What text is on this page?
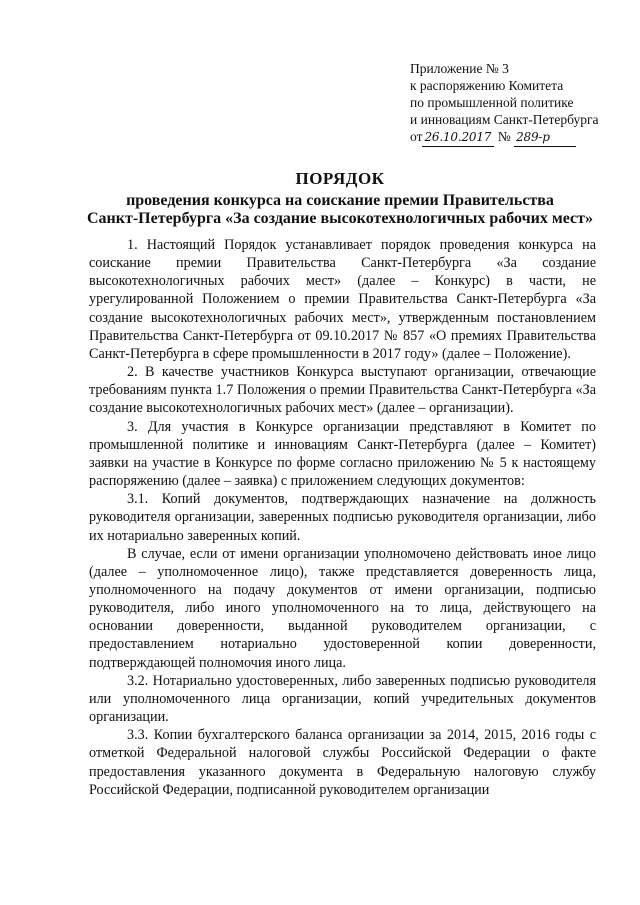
Приложение № 3
к распоряжению Комитета
по промышленной политике
и инновациям Санкт-Петербурга
от 26.10.2017 № 289-р
ПОРЯДОК
проведения конкурса на соискание премии Правительства
Санкт-Петербурга «За создание высокотехнологичных рабочих мест»

1. Настоящий Порядок устанавливает порядок проведения конкурса на соискание премии Правительства Санкт-Петербурга «За создание высокотехнологичных рабочих мест» (далее – Конкурс) в части, не урегулированной Положением о премии Правительства Санкт-Петербурга «За создание высокотехнологичных рабочих мест», утвержденным постановлением Правительства Санкт-Петербурга от 09.10.2017 № 857 «О премиях Правительства Санкт-Петербурга в сфере промышленности в 2017 году» (далее – Положение).

2. В качестве участников Конкурса выступают организации, отвечающие требованиям пункта 1.7 Положения о премии Правительства Санкт-Петербурга «За создание высокотехнологичных рабочих мест» (далее – организации).

3. Для участия в Конкурсе организации представляют в Комитет по промышленной политике и инновациям Санкт-Петербурга (далее – Комитет) заявки на участие в Конкурсе по форме согласно приложению № 5 к настоящему распоряжению (далее – заявка) с приложением следующих документов:

3.1. Копий документов, подтверждающих назначение на должность руководителя организации, заверенных подписью руководителя организации, либо их нотариально заверенных копий.

В случае, если от имени организации уполномочено действовать иное лицо (далее – уполномоченное лицо), также представляется доверенность лица, уполномоченного на подачу документов от имени организации, подписью руководителя, либо иного уполномоченного на то лица, действующего на основании доверенности, выданной руководителем организации, с предоставлением нотариально удостоверенной копии доверенности, подтверждающей полномочия иного лица.

3.2. Нотариально удостоверенных, либо заверенных подписью руководителя или уполномоченного лица организации, копий учредительных документов организации.

3.3. Копии бухгалтерского баланса организации за 2014, 2015, 2016 годы с отметкой Федеральной налоговой службы Российской Федерации о факте предоставления указанного документа в Федеральную налоговую службу Российской Федерации, подписанной руководителем организации
